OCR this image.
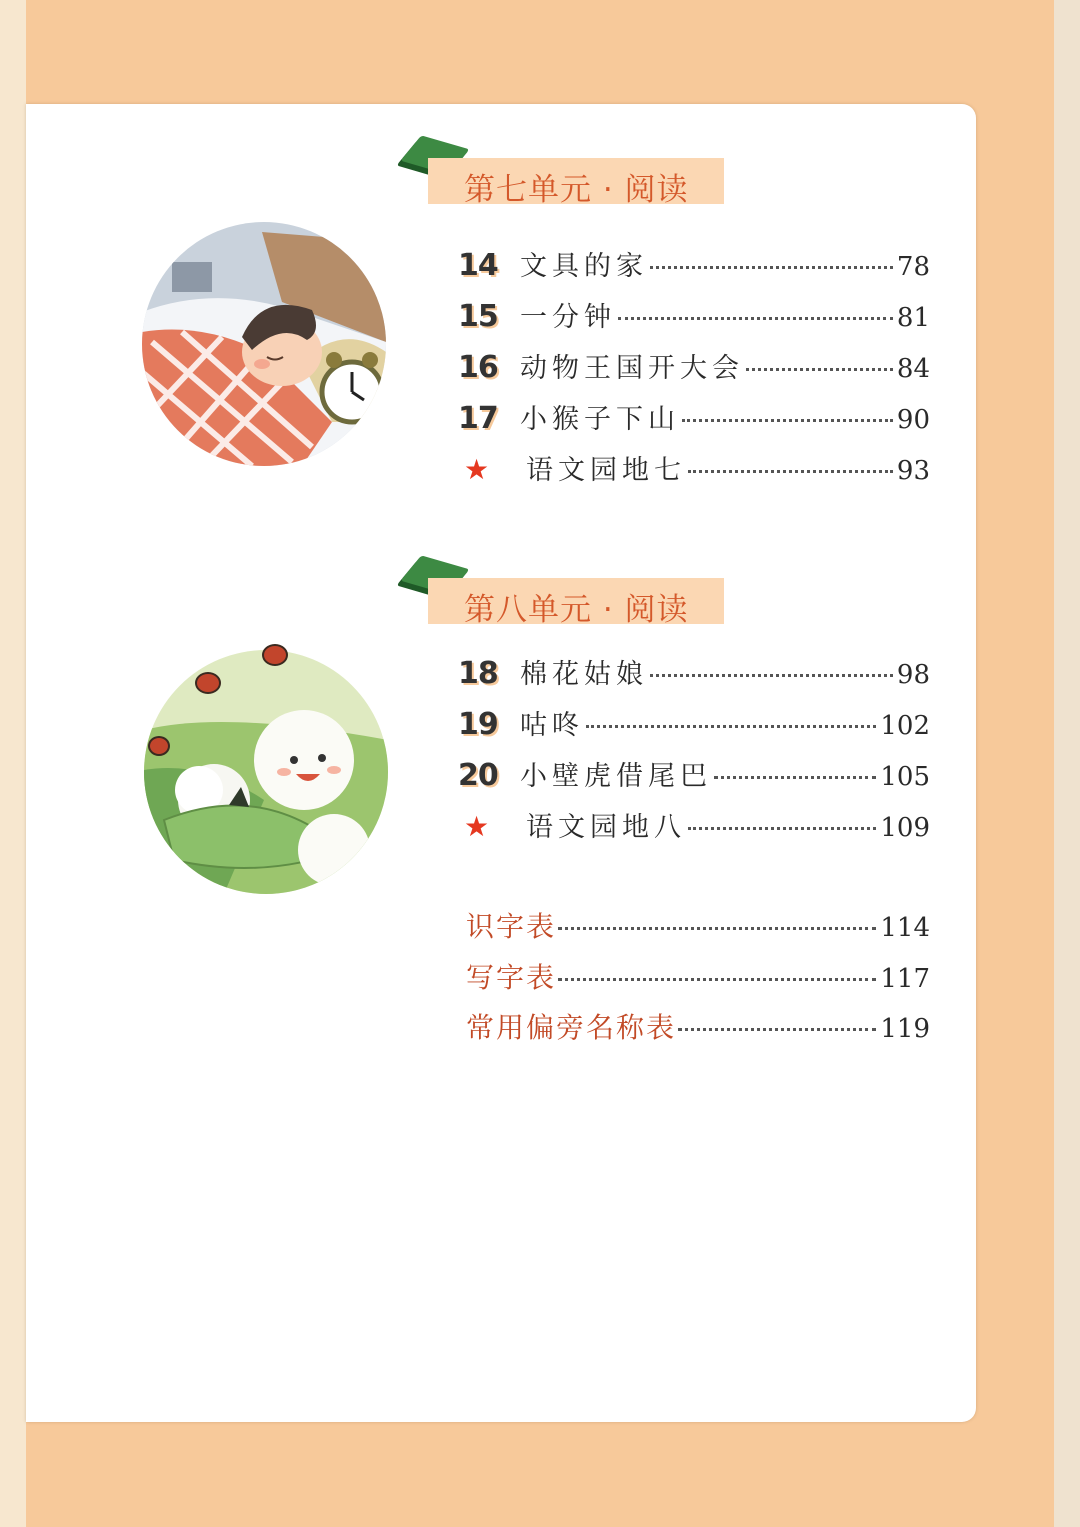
第七单元 · 阅读
14 文具的家	78
15 一分钟	81
16 动物王国开大会	84
17 小猴子下山	90
★	语文园地七	93
第八单元 · 阅读
18 棉花姑娘	98
19 咕咚	102
20 小壁虎借尾巴	105
★	语文园地八	109
识字表	114
写字表	117
常用偏旁名称表	119
